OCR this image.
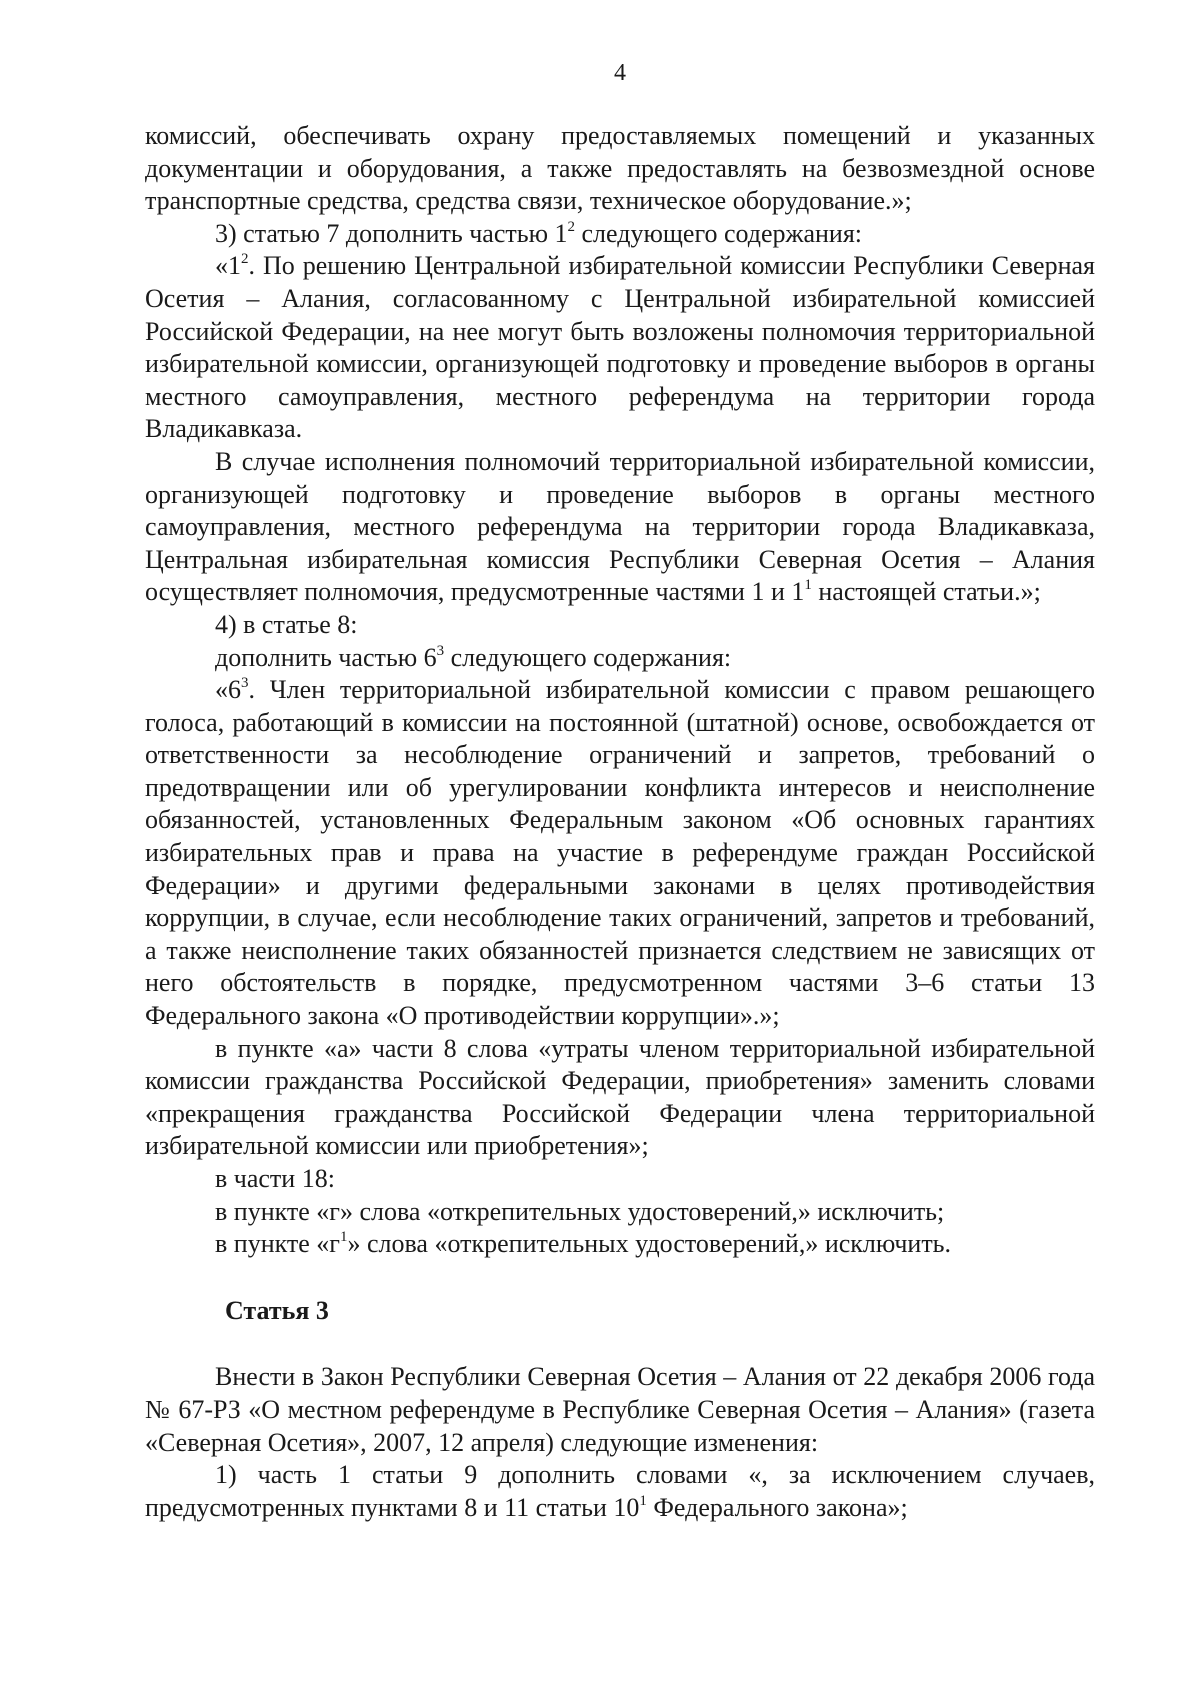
4

комиссий, обеспечивать охрану предоставляемых помещений и указанных документации и оборудования, а также предоставлять на безвозмездной основе транспортные средства, средства связи, техническое оборудование.»;

3) статью 7 дополнить частью $1^2$ следующего содержания:

«$1^2$. По решению Центральной избирательной комиссии Республики Северная Осетия – Алания, согласованному с Центральной избирательной комиссией Российской Федерации, на нее могут быть возложены полномочия территориальной избирательной комиссии, организующей подготовку и проведение выборов в органы местного самоуправления, местного референдума на территории города Владикавказа.

В случае исполнения полномочий территориальной избирательной комиссии, организующей подготовку и проведение выборов в органы местного самоуправления, местного референдума на территории города Владикавказа, Центральная избирательная комиссия Республики Северная Осетия – Алания осуществляет полномочия, предусмотренные частями 1 и $1^1$ настоящей статьи.»;

4) в статье 8:

дополнить частью $6^3$ следующего содержания:

«$6^3$. Член территориальной избирательной комиссии с правом решающего голоса, работающий в комиссии на постоянной (штатной) основе, освобождается от ответственности за несоблюдение ограничений и запретов, требований о предотвращении или об урегулировании конфликта интересов и неисполнение обязанностей, установленных Федеральным законом «Об основных гарантиях избирательных прав и права на участие в референдуме граждан Российской Федерации» и другими федеральными законами в целях противодействия коррупции, в случае, если несоблюдение таких ограничений, запретов и требований, а также неисполнение таких обязанностей признается следствием не зависящих от него обстоятельств в порядке, предусмотренном частями 3–6 статьи 13 Федерального закона «О противодействии коррупции».»;

в пункте «а» части 8 слова «утраты членом территориальной избирательной комиссии гражданства Российской Федерации, приобретения» заменить словами «прекращения гражданства Российской Федерации члена территориальной избирательной комиссии или приобретения»;

в части 18:

в пункте «г» слова «открепительных удостоверений,» исключить;

в пункте «$г^1$» слова «открепительных удостоверений,» исключить.

Статья 3

Внести в Закон Республики Северная Осетия – Алания от 22 декабря 2006 года № 67-РЗ «О местном референдуме в Республике Северная Осетия – Алания» (газета «Северная Осетия», 2007, 12 апреля) следующие изменения:

1) часть 1 статьи 9 дополнить словами «, за исключением случаев, предусмотренных пунктами 8 и 11 статьи $10^1$ Федерального закона»;
